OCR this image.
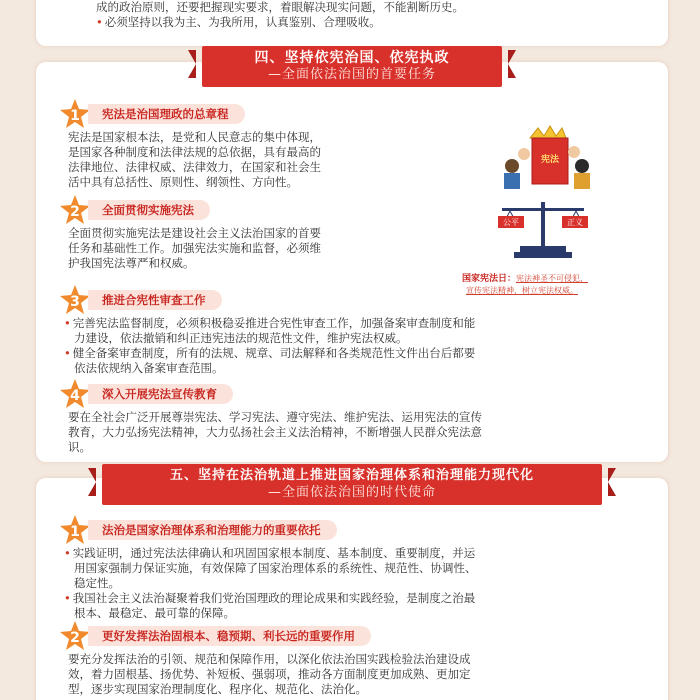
成的政治原则，还要把握现实要求，着眼解决现实问题，不能割断历史。
• 必须坚持以我为主、为我所用，认真鉴别、合理吸收。
四、坚持依宪治国、依宪执政
—全面依法治国的首要任务
1	宪法是治国理政的总章程
宪法是国家根本法，是党和人民意志的集中体现，
是国家各种制度和法律法规的总依据，具有最高的
法律地位、法律权威、法律效力，在国家和社会生
活中具有总括性、原则性、纲领性、方向性。
宪法
2	全面贯彻实施宪法
全面贯彻实施宪法是建设社会主义法治国家的首要
任务和基础性工作。加强宪法实施和监督，必须维
护我国宪法尊严和权威。
公平	正义
国家宪法日：宪法神圣不可侵犯，
宣传宪法精神，树立宪法权威。
3	推进合宪性审查工作
• 完善宪法监督制度，必须积极稳妥推进合宪性审查工作，加强备案审查制度和能
力建设，依法撤销和纠正违宪违法的规范性文件，维护宪法权威。
• 健全备案审查制度，所有的法规、规章、司法解释和各类规范性文件出台后都要
依法依规纳入备案审查范围。
4	深入开展宪法宣传教育
要在全社会广泛开展尊崇宪法、学习宪法、遵守宪法、维护宪法、运用宪法的宣传
教育，大力弘扬宪法精神，大力弘扬社会主义法治精神，不断增强人民群众宪法意
识。
五、坚持在法治轨道上推进国家治理体系和治理能力现代化
—全面依法治国的时代使命
1	法治是国家治理体系和治理能力的重要依托
• 实践证明，通过宪法法律确认和巩固国家根本制度、基本制度、重要制度，并运
用国家强制力保证实施，有效保障了国家治理体系的系统性、规范性、协调性、
稳定性。
• 我国社会主义法治凝聚着我们党治国理政的理论成果和实践经验，是制度之治最
根本、最稳定、最可靠的保障。
2	更好发挥法治固根本、稳预期、利长远的重要作用
要充分发挥法治的引领、规范和保障作用，以深化依法治国实践检验法治建设成
效，着力固根基、扬优势、补短板、强弱项，推动各方面制度更加成熟、更加定
型，逐步实现国家治理制度化、程序化、规范化、法治化。
